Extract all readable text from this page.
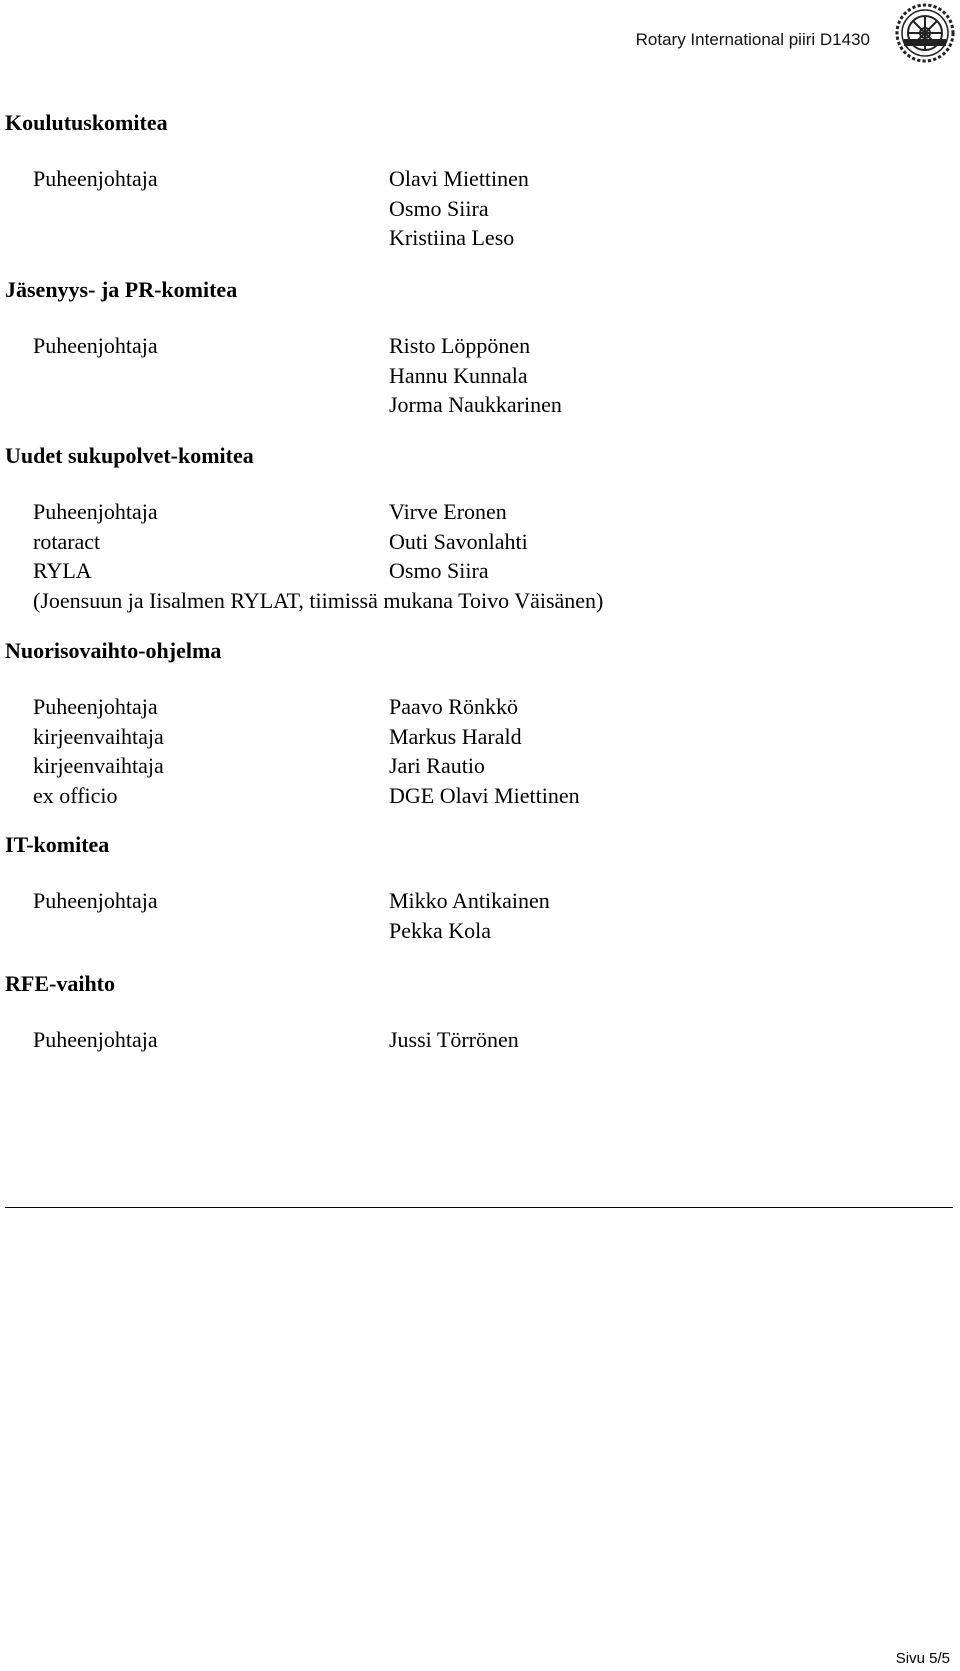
Rotary International piiri D1430
Koulutuskomitea
Puheenjohtaja	Olavi Miettinen
Osmo Siira
Kristiina Leso
Jäsenyys- ja PR-komitea
Puheenjohtaja	Risto Löppönen
Hannu Kunnala
Jorma Naukkarinen
Uudet sukupolvet-komitea
Puheenjohtaja	Virve Eronen
rotaract	Outi Savonlahti
RYLA	Osmo Siira
(Joensuun ja Iisalmen RYLAT, tiimissä mukana Toivo Väisänen)
Nuorisovaihto-ohjelma
Puheenjohtaja	Paavo Rönkkö
kirjeenvaihtaja	Markus Harald
kirjeenvaihtaja	Jari Rautio
ex officio	DGE Olavi Miettinen
IT-komitea
Puheenjohtaja	Mikko Antikainen
Pekka Kola
RFE-vaihto
Puheenjohtaja	Jussi Törrönen
Sivu 5/5
